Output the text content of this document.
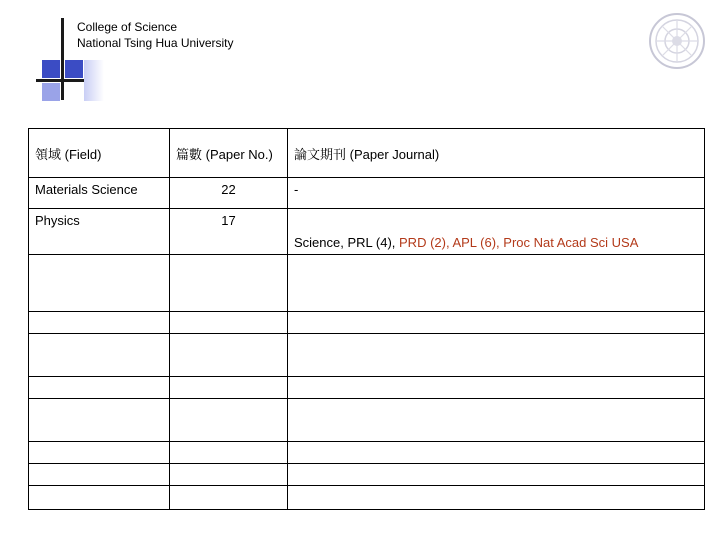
College of Science
National Tsing Hua University
領域 (Field)	篇數 (Paper No.)	論文期刊 (Paper Journal)
Materials Science	22	-
Physics	17	Science, PRL (4), PRD (2), APL (6), Proc Nat Acad Sci USA
